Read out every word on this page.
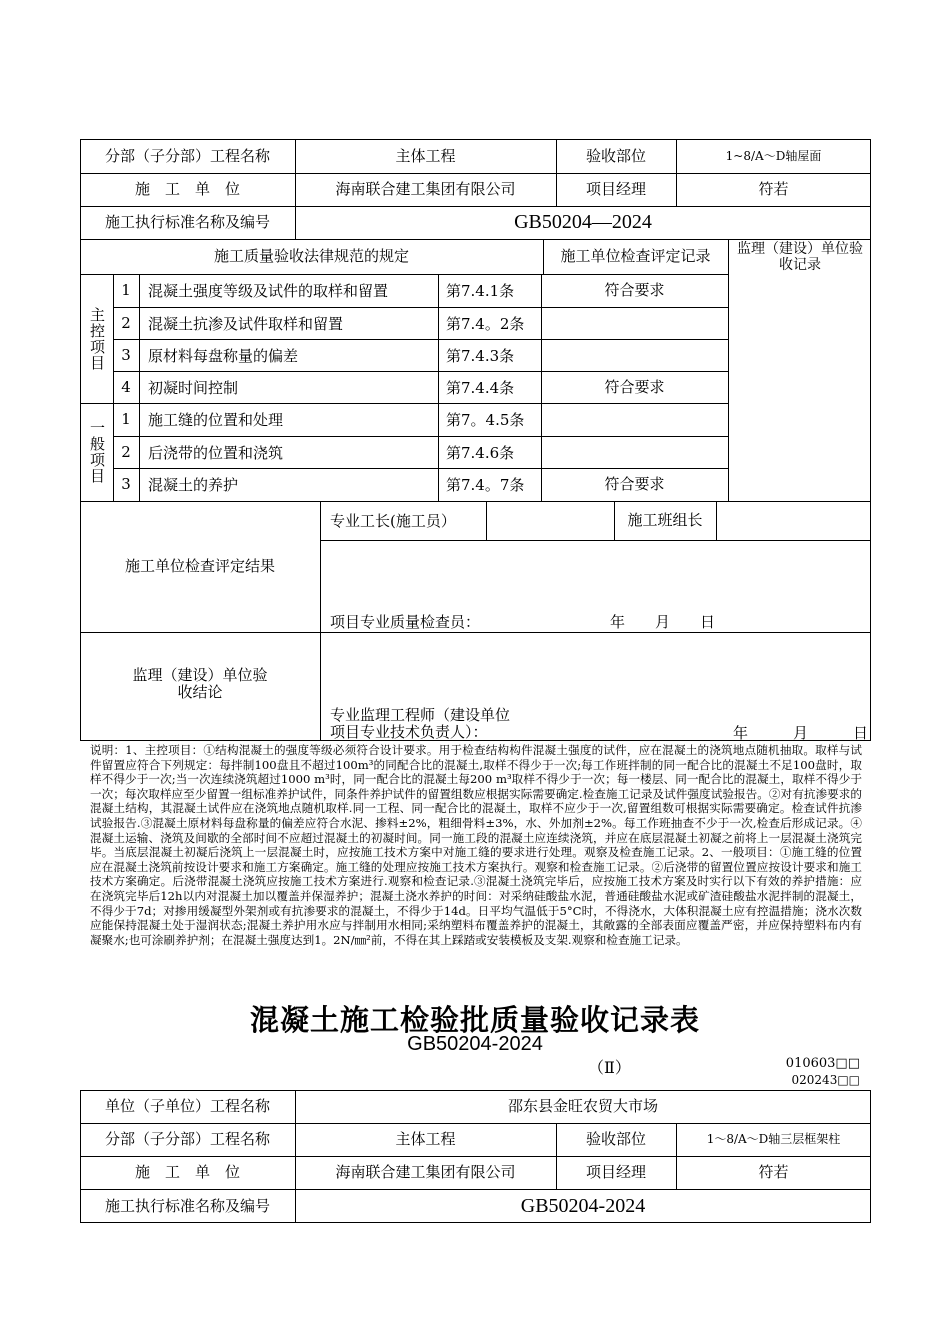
分部（子分部）工程名称	主体工程	验收部位	1~8/A～D轴屋面
施　工　单　位	海南联合建工集团有限公司	项目经理	符若
施工执行标准名称及编号	GB50204—2024
施工质量验收法律规范的规定	施工单位检查评定记录	监理（建设）单位验收记录
主控项目
1	混凝土强度等级及试件的取样和留置	第7.4.1条	符合要求
2	混凝土抗渗及试件取样和留置	第7.4。2条
3	原材料每盘称量的偏差	第7.4.3条
4	初凝时间控制	第7.4.4条	符合要求
一般项目
1	施工缝的位置和处理	第7。4.5条
2	后浇带的位置和浇筑	第7.4.6条
3	混凝土的养护	第7.4。7条	符合要求
施工单位检查评定结果
专业工长(施工员）	施工班组长
项目专业质量检查员：	年　　月　　日
监理（建设）单位验收结论
专业监理工程师（建设单位项目专业技术负责人）：	年　　　月　　　日
说明：1、主控项目：①结构混凝土的强度等级必须符合设计要求。用于检查结构构件混凝土强度的试件，应在混凝土的浇筑地点随机抽取。取样与试件留置应符合下列规定：每拌制100盘且不超过100m³的同配合比的混凝土,取样不得少于一次;每工作班拌制的同一配合比的混凝土不足100盘时，取样不得少于一次;当一次连续浇筑超过1000 m³时，同一配合比的混凝土每200 m³取样不得少于一次；每一楼层、同一配合比的混凝土，取样不得少于一次；每次取样应至少留置一组标准养护试件，同条件养护试件的留置组数应根据实际需要确定.检查施工记录及试件强度试验报告。②对有抗渗要求的混凝土结构，其混凝土试件应在浇筑地点随机取样.同一工程、同一配合比的混凝土，取样不应少于一次,留置组数可根据实际需要确定。检查试件抗渗试验报告.③混凝土原材料每盘称量的偏差应符合水泥、掺料±2%，粗细骨料±3%，水、外加剂±2%。每工作班抽查不少于一次,检查后形成记录。④混凝土运输、浇筑及间歇的全部时间不应超过混凝土的初凝时间。同一施工段的混凝土应连续浇筑，并应在底层混凝土初凝之前将上一层混凝土浇筑完毕。当底层混凝土初凝后浇筑上一层混凝土时，应按施工技术方案中对施工缝的要求进行处理。观察及检查施工记录。2、一般项目：①施工缝的位置应在混凝土浇筑前按设计要求和施工方案确定。施工缝的处理应按施工技术方案执行。观察和检查施工记录。②后浇带的留置位置应按设计要求和施工技术方案确定。后浇带混凝土浇筑应按施工技术方案进行.观察和检查记录.③混凝土浇筑完毕后，应按施工技术方案及时实行以下有效的养护措施：应在浇筑完毕后12h以内对混凝土加以覆盖并保湿养护；混凝土浇水养护的时间：对采纳硅酸盐水泥，普通硅酸盐水泥或矿渣硅酸盐水泥拌制的混凝土，不得少于7d；对掺用缓凝型外架剂或有抗渗要求的混凝土，不得少于14d。日平均气温低于5°C时，不得浇水，大体积混凝土应有控温措施；浇水次数应能保持混凝土处于湿润状态;混凝土养护用水应与拌制用水相同;采纳塑料布覆盖养护的混凝土，其敞露的全部表面应覆盖严密，并应保持塑料布内有凝聚水;也可涂刷养护剂；在混凝土强度达到1。2N/㎜²前，不得在其上踩踏或安装模板及支架.观察和检查施工记录。
混凝土施工检验批质量验收记录表
GB50204-2024
（Ⅱ）	010603□□
020243□□
单位（子单位）工程名称	邵东县金旺农贸大市场
分部（子分部）工程名称	主体工程	验收部位	1～8/A～D轴三层框架柱
施　工　单　位	海南联合建工集团有限公司	项目经理	符若
施工执行标准名称及编号	GB50204-2024
